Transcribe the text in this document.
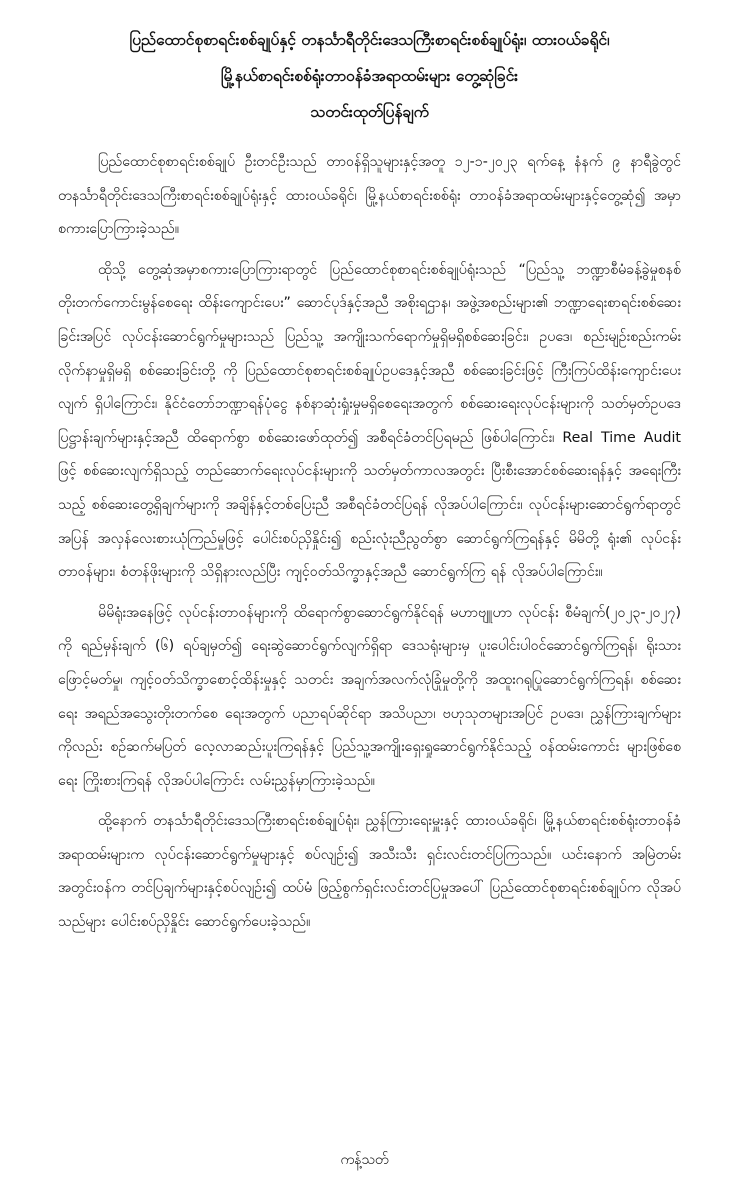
ပြည်ထောင်စုစာရင်းစစ်ချုပ်နှင့် တနင်္သာရီတိုင်းဒေသကြီးစာရင်းစစ်ချုပ်ရုံး၊ ထားဝယ်ခရိုင်၊
မြို့နယ်စာရင်းစစ်ရုံးတာဝန်ခံအရာထမ်းများ တွေ့ဆုံခြင်း
သတင်းထုတ်ပြန်ချက်

ပြည်ထောင်စုစာရင်းစစ်ချုပ် ဦးတင်ဦးသည် တာဝန်ရှိသူများနှင့်အတူ ၁၂-၁-၂၀၂၃ ရက်နေ့ နံနက် ၉ နာရီခွဲတွင် တနင်္သာရီတိုင်းဒေသကြီးစာရင်းစစ်ချုပ်ရုံးနှင့် ထားဝယ်ခရိုင်၊ မြို့နယ်စာရင်းစစ်ရုံး တာဝန်ခံအရာထမ်းများနှင့်တွေ့ဆုံ၍ အမှာစကားပြောကြားခဲ့သည်။

ထိုသို့ တွေ့ဆုံအမှာစကားပြောကြားရာတွင် ပြည်ထောင်စုစာရင်းစစ်ချုပ်ရုံးသည် “ပြည်သူ့ ဘဏ္ဍာစီမံခန့်ခွဲမှုစနစ် တိုးတက်ကောင်းမွန်စေရေး ထိန်းကျောင်းပေး” ဆောင်ပုဒ်နှင့်အညီ အစိုးရဌာန၊ အဖွဲ့အစည်းများ၏ ဘဏ္ဍာရေးစာရင်းစစ်ဆေးခြင်းအပြင် လုပ်ငန်းဆောင်ရွက်မှုများသည် ပြည်သူ့ အကျိုးသက်ရောက်မှုရှိမရှိစစ်ဆေးခြင်း၊ ဥပဒေ၊ စည်းမျဉ်းစည်းကမ်း လိုက်နာမှုရှိမရှိ စစ်ဆေးခြင်းတို့ ကို ပြည်ထောင်စုစာရင်းစစ်ချုပ်ဥပဒေနှင့်အညီ စစ်ဆေးခြင်းဖြင့် ကြီးကြပ်ထိန်းကျောင်းပေးလျက် ရှိပါကြောင်း၊ နိုင်ငံတော်ဘဏ္ဍာရန်ပုံငွေ နစ်နာဆုံးရှုံးမှုမရှိစေရေးအတွက် စစ်ဆေးရေးလုပ်ငန်းများကို သတ်မှတ်ဥပဒေပြဋ္ဌာန်းချက်များနှင့်အညီ ထိရောက်စွာ စစ်ဆေးဖော်ထုတ်၍ အစီရင်ခံတင်ပြရမည် ဖြစ်ပါကြောင်း၊ Real Time Audit ဖြင့် စစ်ဆေးလျက်ရှိသည့် တည်ဆောက်ရေးလုပ်ငန်းများကို သတ်မှတ်ကာလအတွင်း ပြီးစီးအောင်စစ်ဆေးရန်နှင့် အရေးကြီးသည့် စစ်ဆေးတွေ့ရှိချက်များကို အချိန်နှင့်တစ်ပြေးညီ အစီရင်ခံတင်ပြရန် လိုအပ်ပါကြောင်း၊ လုပ်ငန်းများဆောင်ရွက်ရာတွင် အပြန် အလှန်လေးစားယုံကြည်မှုဖြင့် ပေါင်းစပ်ညှိနှိုင်း၍ စည်းလုံးညီညွတ်စွာ ဆောင်ရွက်ကြရန်နှင့် မိမိတို့ ရုံး၏ လုပ်ငန်းတာဝန်များ၊ စံတန်ဖိုးများကို သိရှိနားလည်ပြီး ကျင့်ဝတ်သိက္ခာနှင့်အညီ ဆောင်ရွက်ကြ ရန် လိုအပ်ပါကြောင်း။

မိမိရုံးအနေဖြင့် လုပ်ငန်းတာဝန်များကို ထိရောက်စွာဆောင်ရွက်နိုင်ရန် မဟာဗျူဟာ လုပ်ငန်း စီမံချက်(၂၀၂၃-၂၀၂၇) ကို ရည်မှန်းချက် (၆) ရပ်ချမှတ်၍ ရေးဆွဲဆောင်ရွက်လျက်ရှိရာ ဒေသရုံးများမှ ပူးပေါင်းပါဝင်ဆောင်ရွက်ကြရန်၊ ရိုးသားဖြောင့်မတ်မှု၊ ကျင့်ဝတ်သိက္ခာစောင့်ထိန်းမှုနှင့် သတင်း အချက်အလက်လုံခြုံမှုတို့ကို အထူးဂရုပြုဆောင်ရွက်ကြရန်၊ စစ်ဆေးရေး အရည်အသွေးတိုးတက်စေ ရေးအတွက် ပညာရပ်ဆိုင်ရာ အသိပညာ၊ ဗဟုသုတများအပြင် ဥပဒေ၊ ညွှန်ကြားချက်များကိုလည်း စဉ်ဆက်မပြတ် လေ့လာဆည်းပူးကြရန်နှင့် ပြည်သူ့အကျိုးရှေးရှုဆောင်ရွက်နိုင်သည့် ဝန်ထမ်းကောင်း များဖြစ်စေရေး ကြိုးစားကြရန် လိုအပ်ပါကြောင်း လမ်းညွှန်မှာကြားခဲ့သည်။

ထို့နောက် တနင်္သာရီတိုင်းဒေသကြီးစာရင်းစစ်ချုပ်ရုံး၊ ညွှန်ကြားရေးမှူးနှင့် ထားဝယ်ခရိုင်၊ မြို့နယ်စာရင်းစစ်ရုံးတာဝန်ခံအရာထမ်းများက လုပ်ငန်းဆောင်ရွက်မှုများနှင့် စပ်လျဉ်း၍ အသီးသီး ရှင်းလင်းတင်ပြကြသည်။ ယင်းနောက် အမြဲတမ်းအတွင်းဝန်က တင်ပြချက်များနှင့်စပ်လျဉ်း၍ ထပ်မံ ဖြည့်စွက်ရှင်းလင်းတင်ပြမှုအပေါ် ပြည်ထောင်စုစာရင်းစစ်ချုပ်က လိုအပ်သည်များ ပေါင်းစပ်ညှိနှိုင်း ဆောင်ရွက်ပေးခဲ့သည်။

ကန့်သတ်
